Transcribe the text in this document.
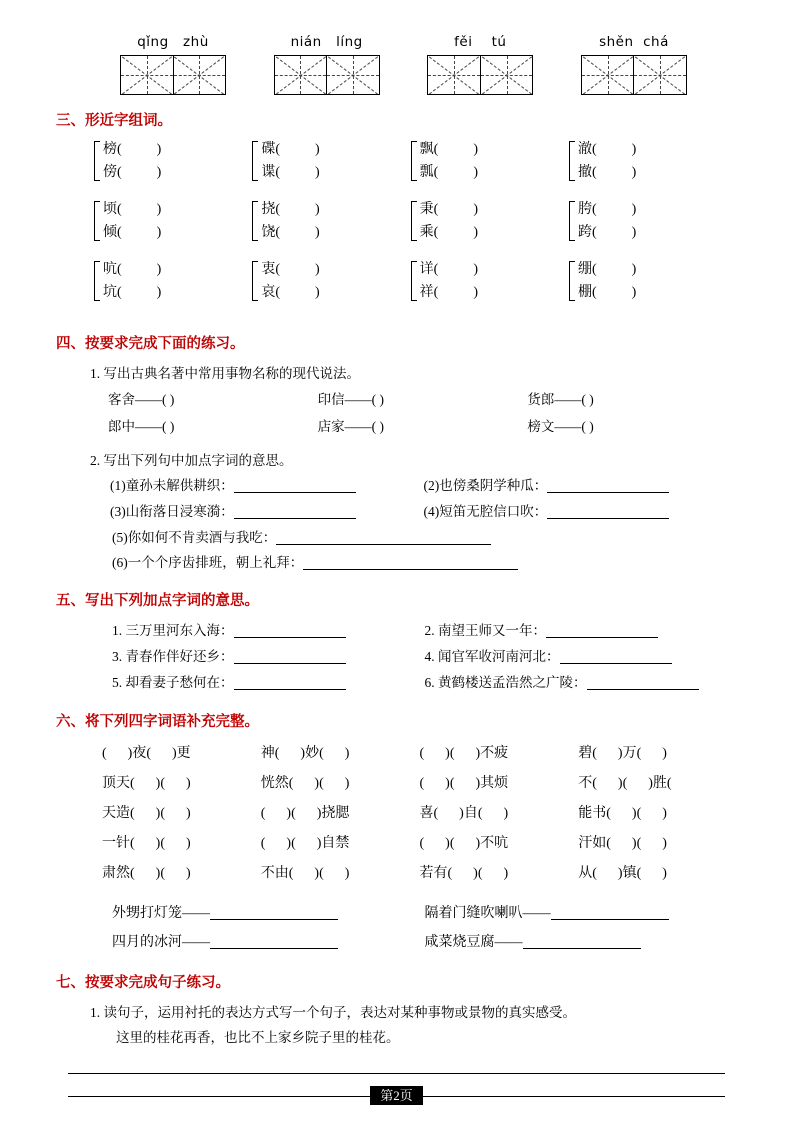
qǐng   zhù	nián   líng	fěi    tú	shěn  chá
三、形近字组词。
榜(          )
傍(          )
顷(          )
倾(          )
吭(          )
坑(          )
碟(          )
谍(          )
挠(          )
饶(          )
衷(          )
哀(          )
飘(          )
瓢(          )
秉(          )
乘(          )
详(          )
祥(          )
澈(          )
撤(          )
胯(          )
跨(          )
绷(          )
棚(          )
四、按要求完成下面的练习。
1. 写出古典名著中常用事物名称的现代说法。
客舍——( )	印信——( )	货郎——( )
郎中——( )	店家——( )	榜文——( )
2. 写出下列句中加点字词的意思。
(1)童孙未解供耕织：	(2)也傍桑阴学种瓜：
(3)山衔落日浸寒漪：	(4)短笛无腔信口吹：
(5)你如何不肯卖酒与我吃：
(6)一个个序齿排班，朝上礼拜：
五、写出下列加点字词的意思。
1. 三万里河东入海：	2. 南望王师又一年：
3. 青春作伴好还乡：	4. 闻官军收河南河北：
5. 却看妻子愁何在：	6. 黄鹤楼送孟浩然之广陵：
六、将下列四字词语补充完整。
(      )夜(      )更	神(      )妙(      )	(      )(      )不疲	碧(      )万(      )
顶天(      )(      )	恍然(      )(      )	(      )(      )其烦	不(      )(      )胜(
天造(      )(      )	(      )(      )挠腮	喜(      )自(      )	能书(      )(      )
一针(      )(      )	(      )(      )自禁	(      )(      )不吭	汗如(      )(      )
肃然(      )(      )	不由(      )(      )	若有(      )(      )	从(      )镇(      )
外甥打灯笼——	隔着门缝吹喇叭——
四月的冰河——	咸菜烧豆腐——
七、按要求完成句子练习。
1. 读句子，运用衬托的表达方式写一个句子，表达对某种事物或景物的真实感受。
这里的桂花再香，也比不上家乡院子里的桂花。
第2页
